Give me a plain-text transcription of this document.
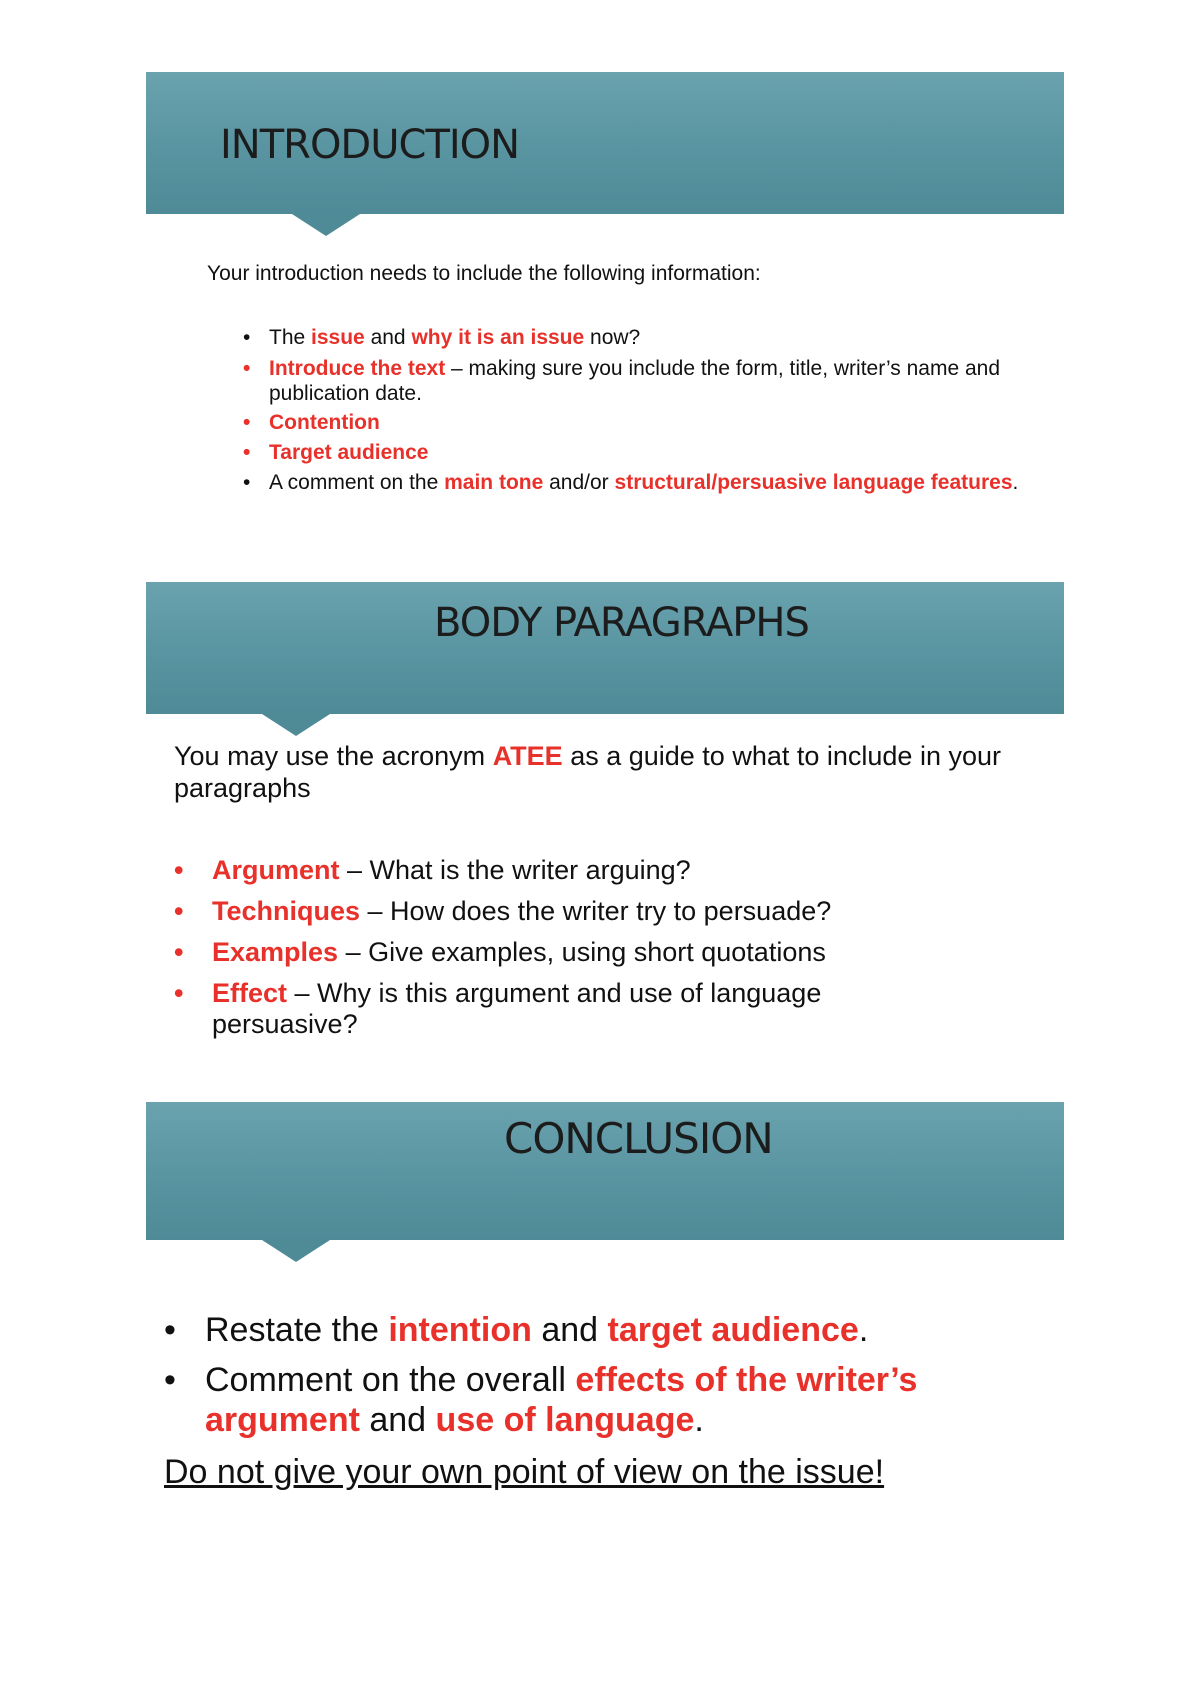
INTRODUCTION
Your introduction needs to include the following information:
• The issue and why it is an issue now?
• Introduce the text – making sure you include the form, title, writer’s name and publication date.
• Contention
• Target audience
• A comment on the main tone and/or structural/persuasive language features.
BODY PARAGRAPHS
You may use the acronym ATEE as a guide to what to include in your paragraphs
• Argument – What is the writer arguing?
• Techniques – How does the writer try to persuade?
• Examples – Give examples, using short quotations
• Effect – Why is this argument and use of language persuasive?
CONCLUSION
• Restate the intention and target audience.
• Comment on the overall effects of the writer’s argument and use of language.
Do not give your own point of view on the issue!
